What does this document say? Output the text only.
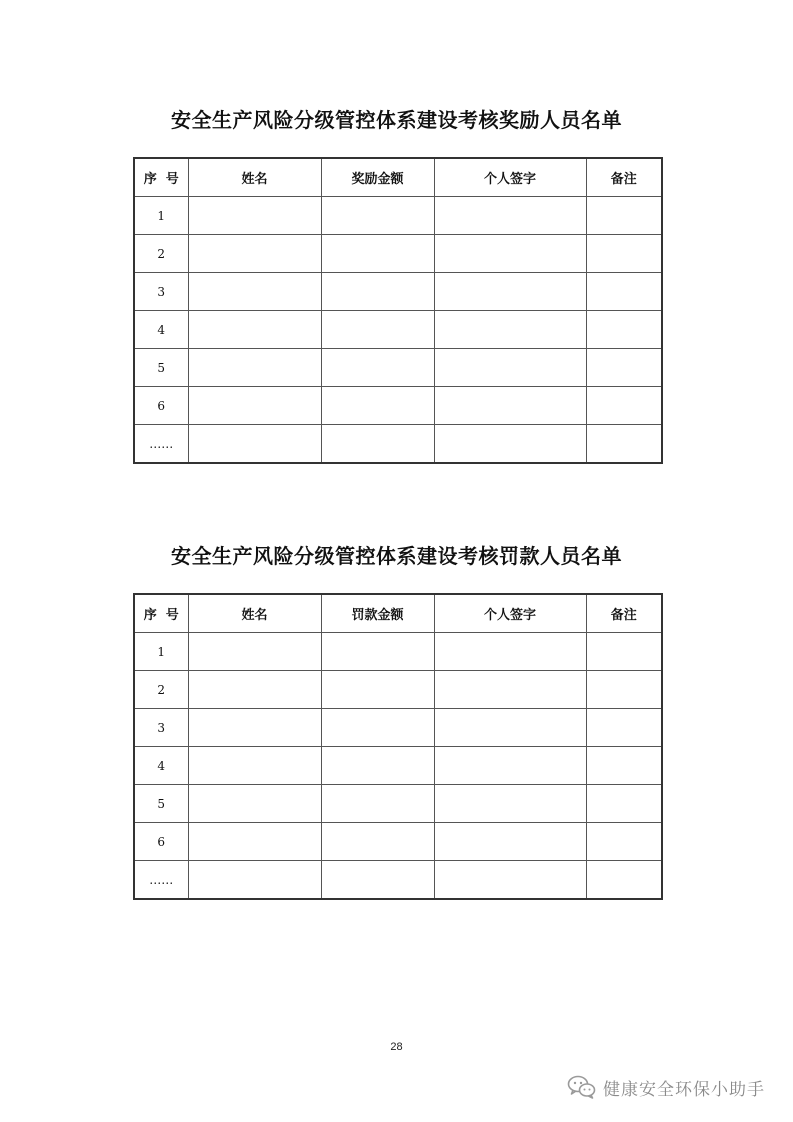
安全生产风险分级管控体系建设考核奖励人员名单
序  号	姓名	奖励金额	个人签字	备注
1				
2				
3				
4				
5				
6				
……				
安全生产风险分级管控体系建设考核罚款人员名单
序  号	姓名	罚款金额	个人签字	备注
1				
2				
3				
4				
5				
6				
……				
28
健康安全环保小助手
